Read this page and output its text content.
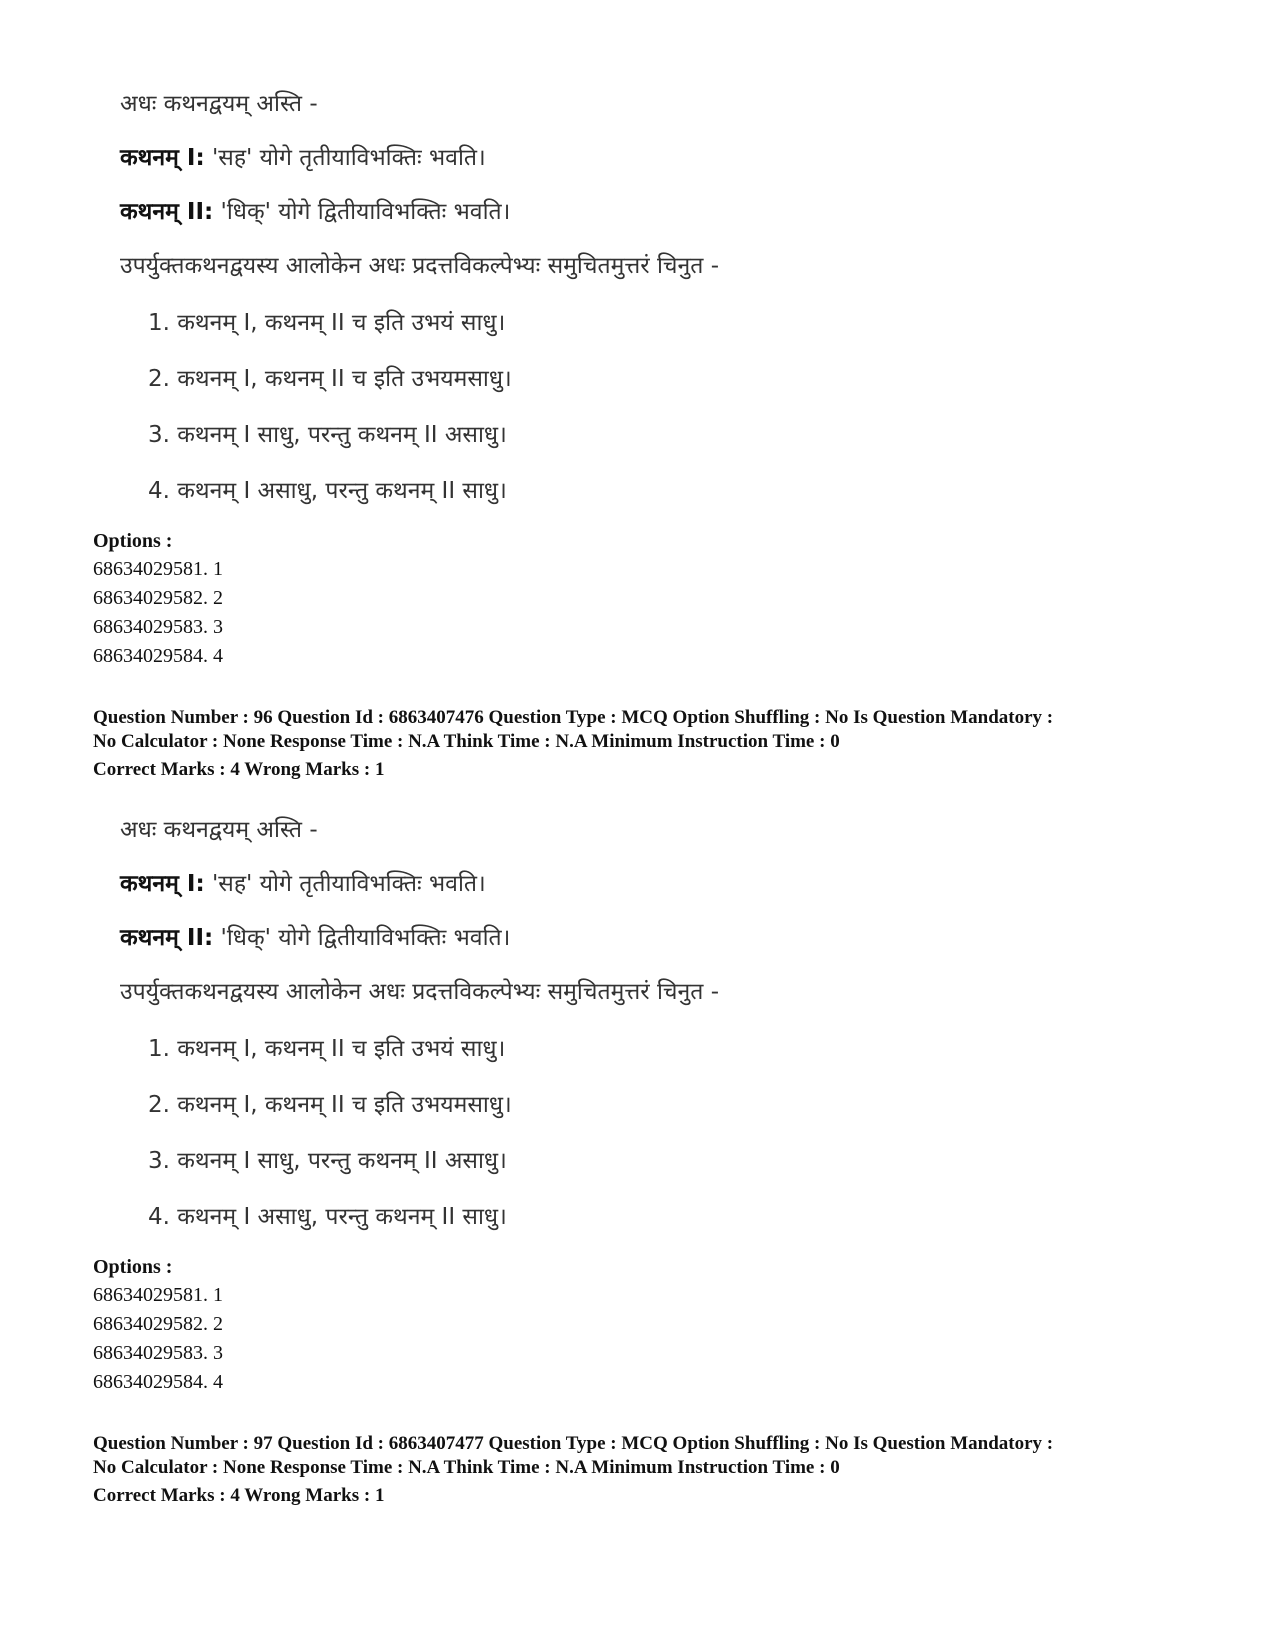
अधः कथनद्वयम् अस्ति -
कथनम् I: 'सह' योगे तृतीयाविभक्तिः भवति।
कथनम् II: 'धिक्' योगे द्वितीयाविभक्तिः भवति।
उपर्युक्तकथनद्वयस्य आलोकेन अधः प्रदत्तविकल्पेभ्यः समुचितमुत्तरं चिनुत -
1. कथनम् I, कथनम् II च इति उभयं साधु।
2. कथनम् I, कथनम् II च इति उभयमसाधु।
3. कथनम् I साधु, परन्तु कथनम् II असाधु।
4. कथनम् I असाधु, परन्तु कथनम् II साधु।
Options :
68634029581. 1
68634029582. 2
68634029583. 3
68634029584. 4
Question Number : 96 Question Id : 6863407476 Question Type : MCQ Option Shuffling : No Is Question Mandatory :
No Calculator : None Response Time : N.A Think Time : N.A Minimum Instruction Time : 0
Correct Marks : 4 Wrong Marks : 1
अधः कथनद्वयम् अस्ति -
कथनम् I: 'सह' योगे तृतीयाविभक्तिः भवति।
कथनम् II: 'धिक्' योगे द्वितीयाविभक्तिः भवति।
उपर्युक्तकथनद्वयस्य आलोकेन अधः प्रदत्तविकल्पेभ्यः समुचितमुत्तरं चिनुत -
1. कथनम् I, कथनम् II च इति उभयं साधु।
2. कथनम् I, कथनम् II च इति उभयमसाधु।
3. कथनम् I साधु, परन्तु कथनम् II असाधु।
4. कथनम् I असाधु, परन्तु कथनम् II साधु।
Options :
68634029581. 1
68634029582. 2
68634029583. 3
68634029584. 4
Question Number : 97 Question Id : 6863407477 Question Type : MCQ Option Shuffling : No Is Question Mandatory :
No Calculator : None Response Time : N.A Think Time : N.A Minimum Instruction Time : 0
Correct Marks : 4 Wrong Marks : 1
